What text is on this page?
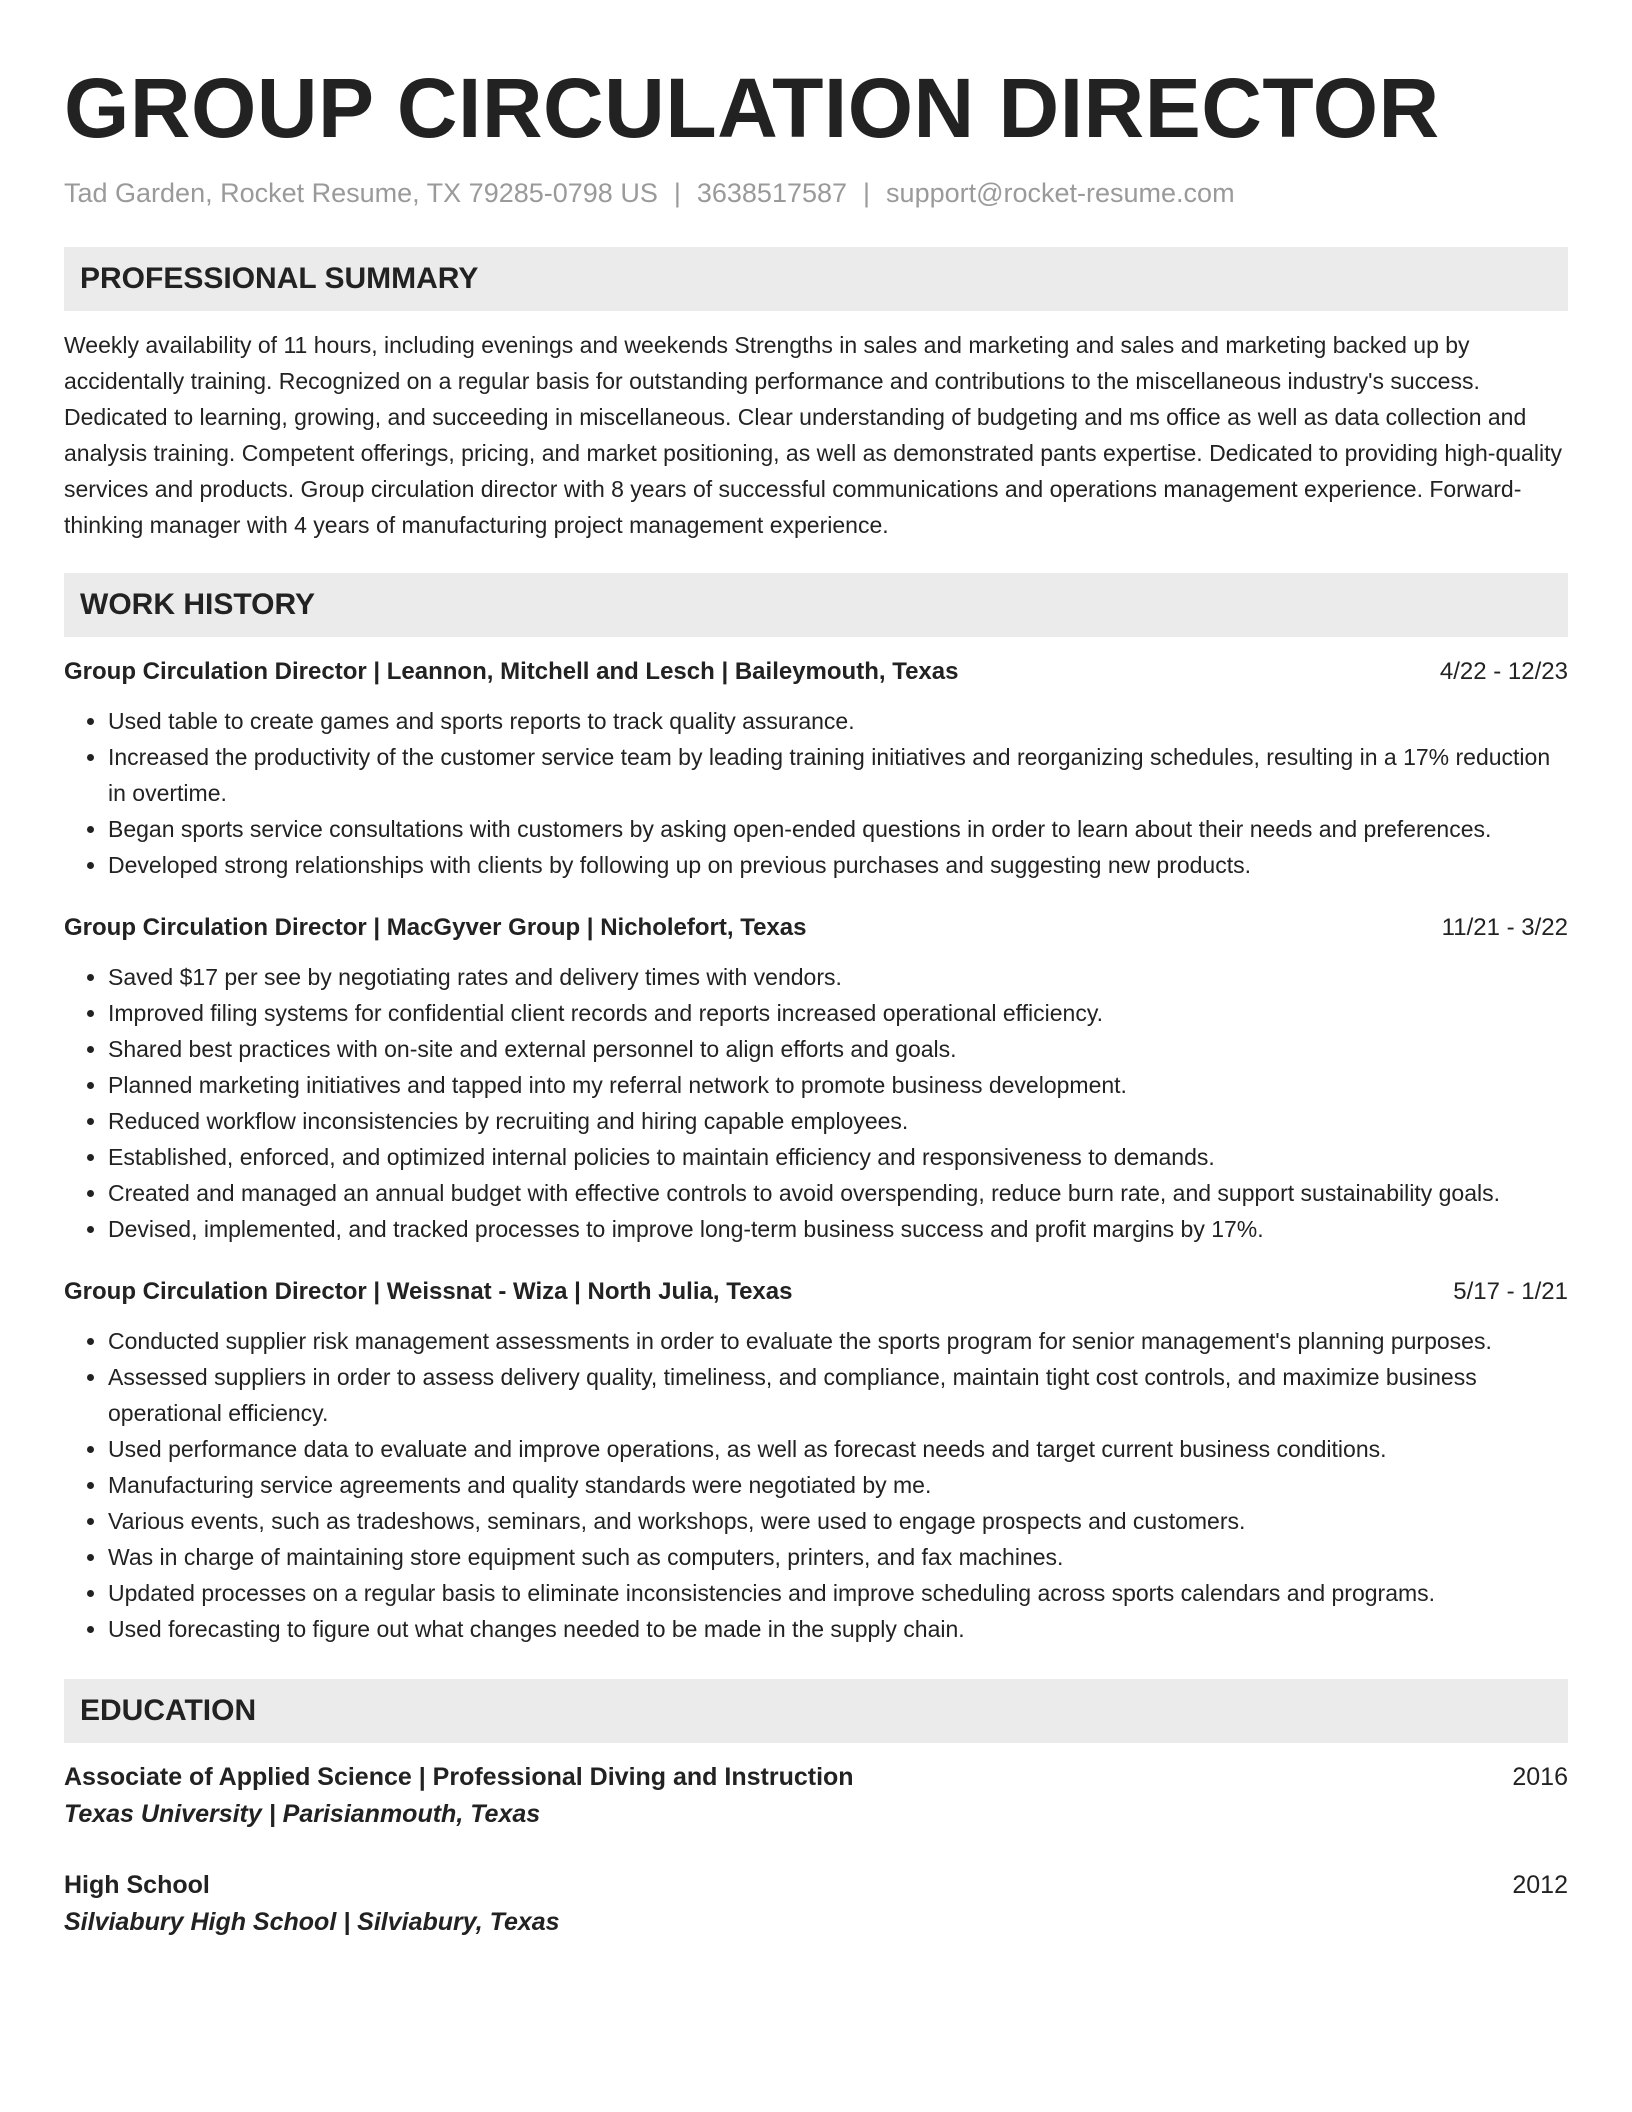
GROUP CIRCULATION DIRECTOR
Tad Garden, Rocket Resume, TX 79285-0798 US | 3638517587 | support@rocket-resume.com
PROFESSIONAL SUMMARY

Weekly availability of 11 hours, including evenings and weekends Strengths in sales and marketing and sales and marketing backed up by accidentally training. Recognized on a regular basis for outstanding performance and contributions to the miscellaneous industry's success. Dedicated to learning, growing, and succeeding in miscellaneous. Clear understanding of budgeting and ms office as well as data collection and analysis training. Competent offerings, pricing, and market positioning, as well as demonstrated pants expertise. Dedicated to providing high-quality services and products. Group circulation director with 8 years of successful communications and operations management experience. Forward-thinking manager with 4 years of manufacturing project management experience.

WORK HISTORY
Group Circulation Director | Leannon, Mitchell and Lesch | Baileymouth, Texas	4/22 - 12/23
• Used table to create games and sports reports to track quality assurance.
• Increased the productivity of the customer service team by leading training initiatives and reorganizing schedules, resulting in a 17% reduction in overtime.
• Began sports service consultations with customers by asking open-ended questions in order to learn about their needs and preferences.
• Developed strong relationships with clients by following up on previous purchases and suggesting new products.
Group Circulation Director | MacGyver Group | Nicholefort, Texas	11/21 - 3/22
• Saved $17 per see by negotiating rates and delivery times with vendors.
• Improved filing systems for confidential client records and reports increased operational efficiency.
• Shared best practices with on-site and external personnel to align efforts and goals.
• Planned marketing initiatives and tapped into my referral network to promote business development.
• Reduced workflow inconsistencies by recruiting and hiring capable employees.
• Established, enforced, and optimized internal policies to maintain efficiency and responsiveness to demands.
• Created and managed an annual budget with effective controls to avoid overspending, reduce burn rate, and support sustainability goals.
• Devised, implemented, and tracked processes to improve long-term business success and profit margins by 17%.
Group Circulation Director | Weissnat - Wiza | North Julia, Texas	5/17 - 1/21
• Conducted supplier risk management assessments in order to evaluate the sports program for senior management's planning purposes.
• Assessed suppliers in order to assess delivery quality, timeliness, and compliance, maintain tight cost controls, and maximize business operational efficiency.
• Used performance data to evaluate and improve operations, as well as forecast needs and target current business conditions.
• Manufacturing service agreements and quality standards were negotiated by me.
• Various events, such as tradeshows, seminars, and workshops, were used to engage prospects and customers.
• Was in charge of maintaining store equipment such as computers, printers, and fax machines.
• Updated processes on a regular basis to eliminate inconsistencies and improve scheduling across sports calendars and programs.
• Used forecasting to figure out what changes needed to be made in the supply chain.
EDUCATION
Associate of Applied Science | Professional Diving and Instruction	2016
Texas University | Parisianmouth, Texas
High School	2012
Silviabury High School | Silviabury, Texas
